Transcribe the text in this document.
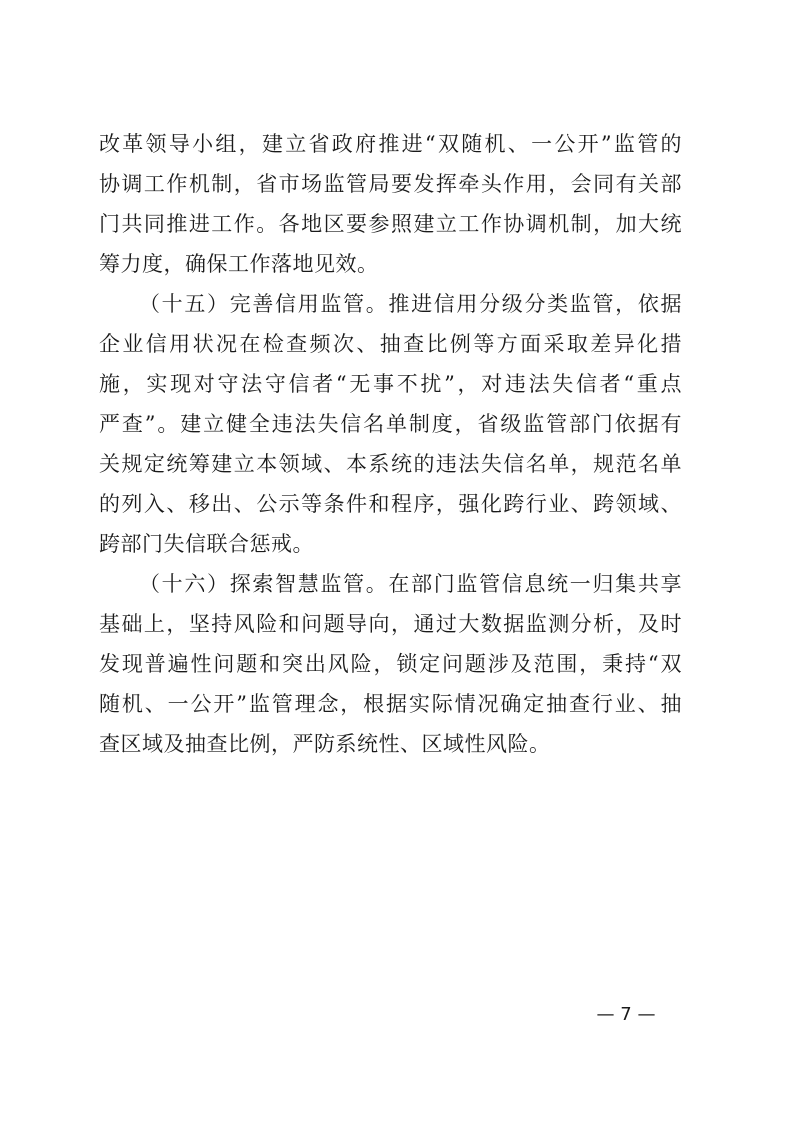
改革领导小组，建立省政府推进“双随机、一公开”监管的
协调工作机制，省市场监管局要发挥牵头作用，会同有关部
门共同推进工作。各地区要参照建立工作协调机制，加大统
筹力度，确保工作落地见效。
（十五）完善信用监管。推进信用分级分类监管，依据
企业信用状况在检查频次、抽查比例等方面采取差异化措
施，实现对守法守信者“无事不扰”，对违法失信者“重点
严查”。建立健全违法失信名单制度，省级监管部门依据有
关规定统筹建立本领域、本系统的违法失信名单，规范名单
的列入、移出、公示等条件和程序，强化跨行业、跨领域、
跨部门失信联合惩戒。
（十六）探索智慧监管。在部门监管信息统一归集共享
基础上，坚持风险和问题导向，通过大数据监测分析，及时
发现普遍性问题和突出风险，锁定问题涉及范围，秉持“双
随机、一公开”监管理念，根据实际情况确定抽查行业、抽
查区域及抽查比例，严防系统性、区域性风险。
— 7 —
